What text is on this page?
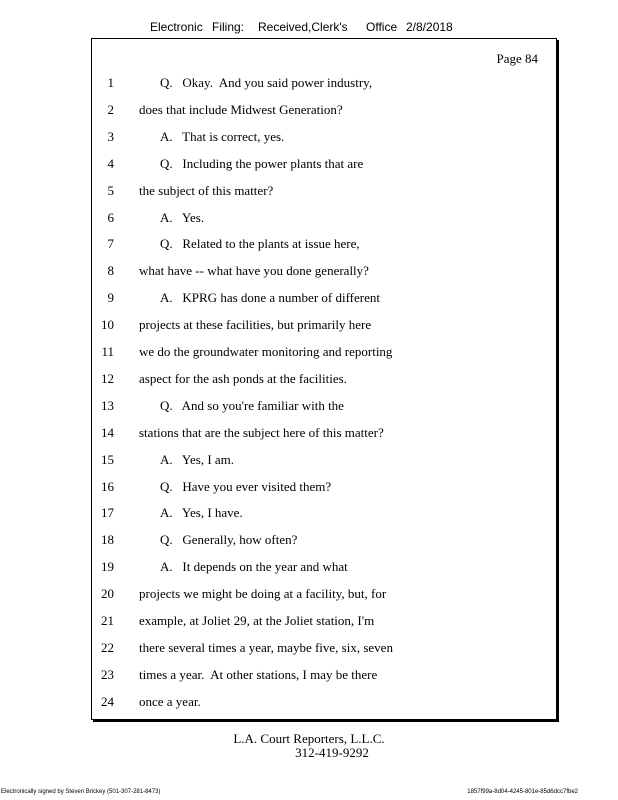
Electronic Filing: Received,Clerk's Office 2/8/2018
Page 84
1	Q.   Okay.  And you said power industry,
2 does that include Midwest Generation?
3	A.   That is correct, yes.
4	Q.   Including the power plants that are
5 the subject of this matter?
6	A.   Yes.
7	Q.   Related to the plants at issue here,
8 what have -- what have you done generally?
9	A.   KPRG has done a number of different
10 projects at these facilities, but primarily here
11 we do the groundwater monitoring and reporting
12 aspect for the ash ponds at the facilities.
13	Q.   And so you're familiar with the
14 stations that are the subject here of this matter?
15	A.   Yes, I am.
16	Q.   Have you ever visited them?
17	A.   Yes, I have.
18	Q.   Generally, how often?
19	A.   It depends on the year and what
20 projects we might be doing at a facility, but, for
21 example, at Joliet 29, at the Joliet station, I'm
22 there several times a year, maybe five, six, seven
23 times a year.  At other stations, I may be there
24 once a year.
L.A. Court Reporters, L.L.C.
312-419-9292
Electronically signed by Steven Brickey (501-307-281-8473)	1857f99a-8d04-4245-801e-85d6dcc7fbe2
